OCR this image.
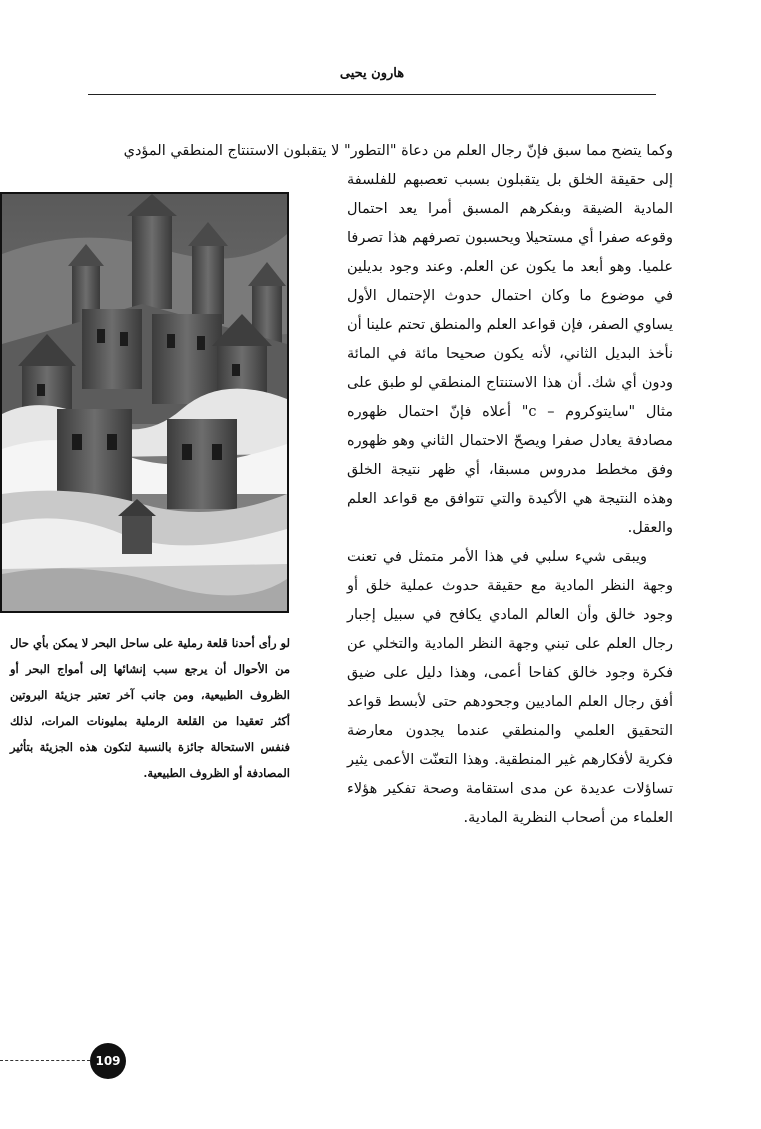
هارون يحيى

وكما يتضح مما سبق فإنّ رجال العلم من دعاة "التطور" لا يتقبلون الاستنتاج المنطقي المؤدي

إلى حقيقة الخلق بل يتقبلون بسبب تعصبهم للفلسفة المادية الضيقة وبفكرهم المسبق أمرا يعد احتمال وقوعه صفرا أي مستحيلا ويحسبون تصرفهم هذا تصرفا علميا. وهو أبعد ما يكون عن العلم. وعند وجود بديلين في موضوع ما وكان احتمال حدوث الإحتمال الأول يساوي الصفر، فإن قواعد العلم والمنطق تحتم علينا أن نأخذ البديل الثاني، لأنه يكون صحيحا مائة في المائة ودون أي شك. أن هذا الاستنتاج المنطقي لو طبق على مثال "سايتوكروم – c" أعلاه فإنّ احتمال ظهوره مصادفة يعادل صفرا ويصحّ الاحتمال الثاني وهو ظهوره وفق مخطط مدروس مسبقا، أي ظهر نتيجة الخلق وهذه النتيجة هي الأكيدة والتي تتوافق مع قواعد العلم والعقل.

ويبقى شيء سلبي في هذا الأمر متمثل في تعنت وجهة النظر المادية مع حقيقة حدوث عملية خلق أو وجود خالق وأن العالم المادي يكافح في سبيل إجبار رجال العلم على تبني وجهة النظر المادية والتخلي عن فكرة وجود خالق كفاحا أعمى، وهذا دليل على ضيق أفق رجال العلم الماديين وجحودهم حتى لأبسط قواعد التحقيق العلمي والمنطقي عندما يجدون معارضة فكرية لأفكارهم غير المنطقية. وهذا التعنّت الأعمى يثير تساؤلات عديدة عن مدى استقامة وصحة تفكير هؤلاء العلماء من أصحاب النظرية المادية.

لو رأى أحدنا قلعة رملية على ساحل البحر لا يمكن بأي حال من الأحوال أن يرجع سبب إنشائها إلى أمواج البحر أو الظروف الطبيعية، ومن جانب آخر تعتبر جزيئة البروتين أكثر تعقيدا من القلعة الرملية بمليونات المرات، لذلك فنفس الاستحالة جائزة بالنسبة لتكون هذه الجزيئة بتأثير المصادفة أو الظروف الطبيعية.

109
